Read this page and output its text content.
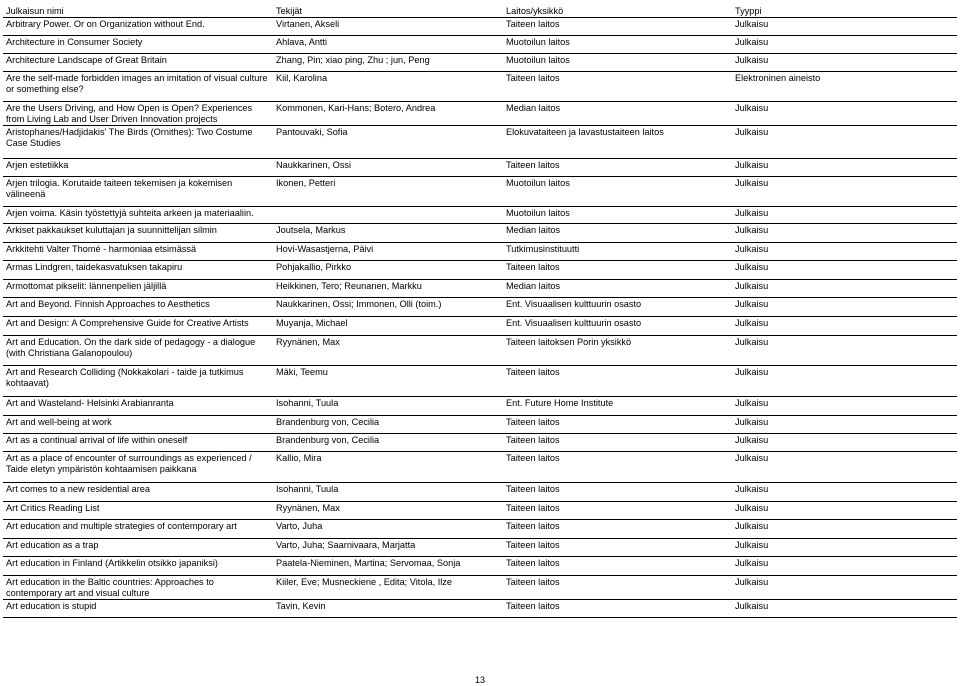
Julkaisun nimi	Tekijät	Laitos/yksikkö	Tyyppi
Arbitrary Power. Or on Organization without End.	Virtanen, Akseli	Taiteen laitos	Julkaisu
Architecture in Consumer Society	Ahlava, Antti	Muotoilun laitos	Julkaisu
Architecture Landscape of Great Britain	Zhang, Pin; xiao ping, Zhu ; jun, Peng	Muotoilun laitos	Julkaisu
Are the self-made forbidden images an imitation of visual culture or something else?	Kiil, Karolina	Taiteen laitos	Elektroninen aineisto
Are the Users Driving, and How Open is Open? Experiences from Living Lab and User Driven Innovation projects	Kommonen, Kari-Hans; Botero, Andrea	Median laitos	Julkaisu
Aristophanes/Hadjidakis' The Birds (Ornithes): Two Costume Case Studies	Pantouvaki, Sofia	Elokuvataiteen ja lavastustaiteen laitos	Julkaisu
Arjen estetiikka	Naukkarinen, Ossi	Taiteen laitos	Julkaisu
Arjen trilogia. Korutaide taiteen tekemisen ja kokemisen välineenä	Ikonen, Petteri	Muotoilun laitos	Julkaisu
Arjen voima. Käsin työstettyjä suhteita arkeen ja materiaaliin.		Muotoilun laitos	Julkaisu
Arkiset pakkaukset kuluttajan ja suunnittelijan silmin	Joutsela, Markus	Median laitos	Julkaisu
Arkkitehti Valter Thomé - harmoniaa etsimässä	Hovi-Wasastjerna, Päivi	Tutkimusinstituutti	Julkaisu
Armas Lindgren, taidekasvatuksen takapiru	Pohjakallio, Pirkko	Taiteen laitos	Julkaisu
Armottomat pikselit: lännenpelien jäljillä	Heikkinen, Tero; Reunanen, Markku	Median laitos	Julkaisu
Art and Beyond. Finnish Approaches to Aesthetics	Naukkarinen, Ossi; Immonen, Olli (toim.)	Ent. Visuaalisen kulttuurin osasto	Julkaisu
Art and Design: A Comprehensive Guide for Creative Artists	Muyanja, Michael	Ent. Visuaalisen kulttuurin osasto	Julkaisu
Art and Education. On the dark side of pedagogy - a dialogue (with Christiana Galanopoulou)	Ryynänen, Max	Taiteen laitoksen Porin yksikkö	Julkaisu
Art and Research Colliding (Nokkakolari - taide ja tutkimus kohtaavat)	Mäki, Teemu	Taiteen laitos	Julkaisu
Art and Wasteland- Helsinki Arabianranta	Isohanni, Tuula	Ent. Future Home Institute	Julkaisu
Art and well-being at work	Brandenburg von, Cecilia	Taiteen laitos	Julkaisu
Art as a continual arrival of life within oneself	Brandenburg von, Cecilia	Taiteen laitos	Julkaisu
Art as a place of encounter of surroundings as experienced / Taide eletyn ympäristön kohtaamisen paikkana	Kallio, Mira	Taiteen laitos	Julkaisu
Art comes to a new residential area	Isohanni, Tuula	Taiteen laitos	Julkaisu
Art Critics Reading List	Ryynänen, Max	Taiteen laitos	Julkaisu
Art education and multiple strategies of contemporary art	Varto, Juha	Taiteen laitos	Julkaisu
Art education as a trap	Varto, Juha; Saarnivaara, Marjatta	Taiteen laitos	Julkaisu
Art education in Finland (Artikkelin otsikko japaniksi)	Paatela-Nieminen, Martina; Servomaa, Sonja	Taiteen laitos	Julkaisu
Art education in the Baltic countries: Approaches to contemporary art and visual culture	Kiiler, Eve; Musneckiene , Edita; Vitola, Ilze	Taiteen laitos	Julkaisu
Art education is stupid	Tavin, Kevin	Taiteen laitos	Julkaisu
13
